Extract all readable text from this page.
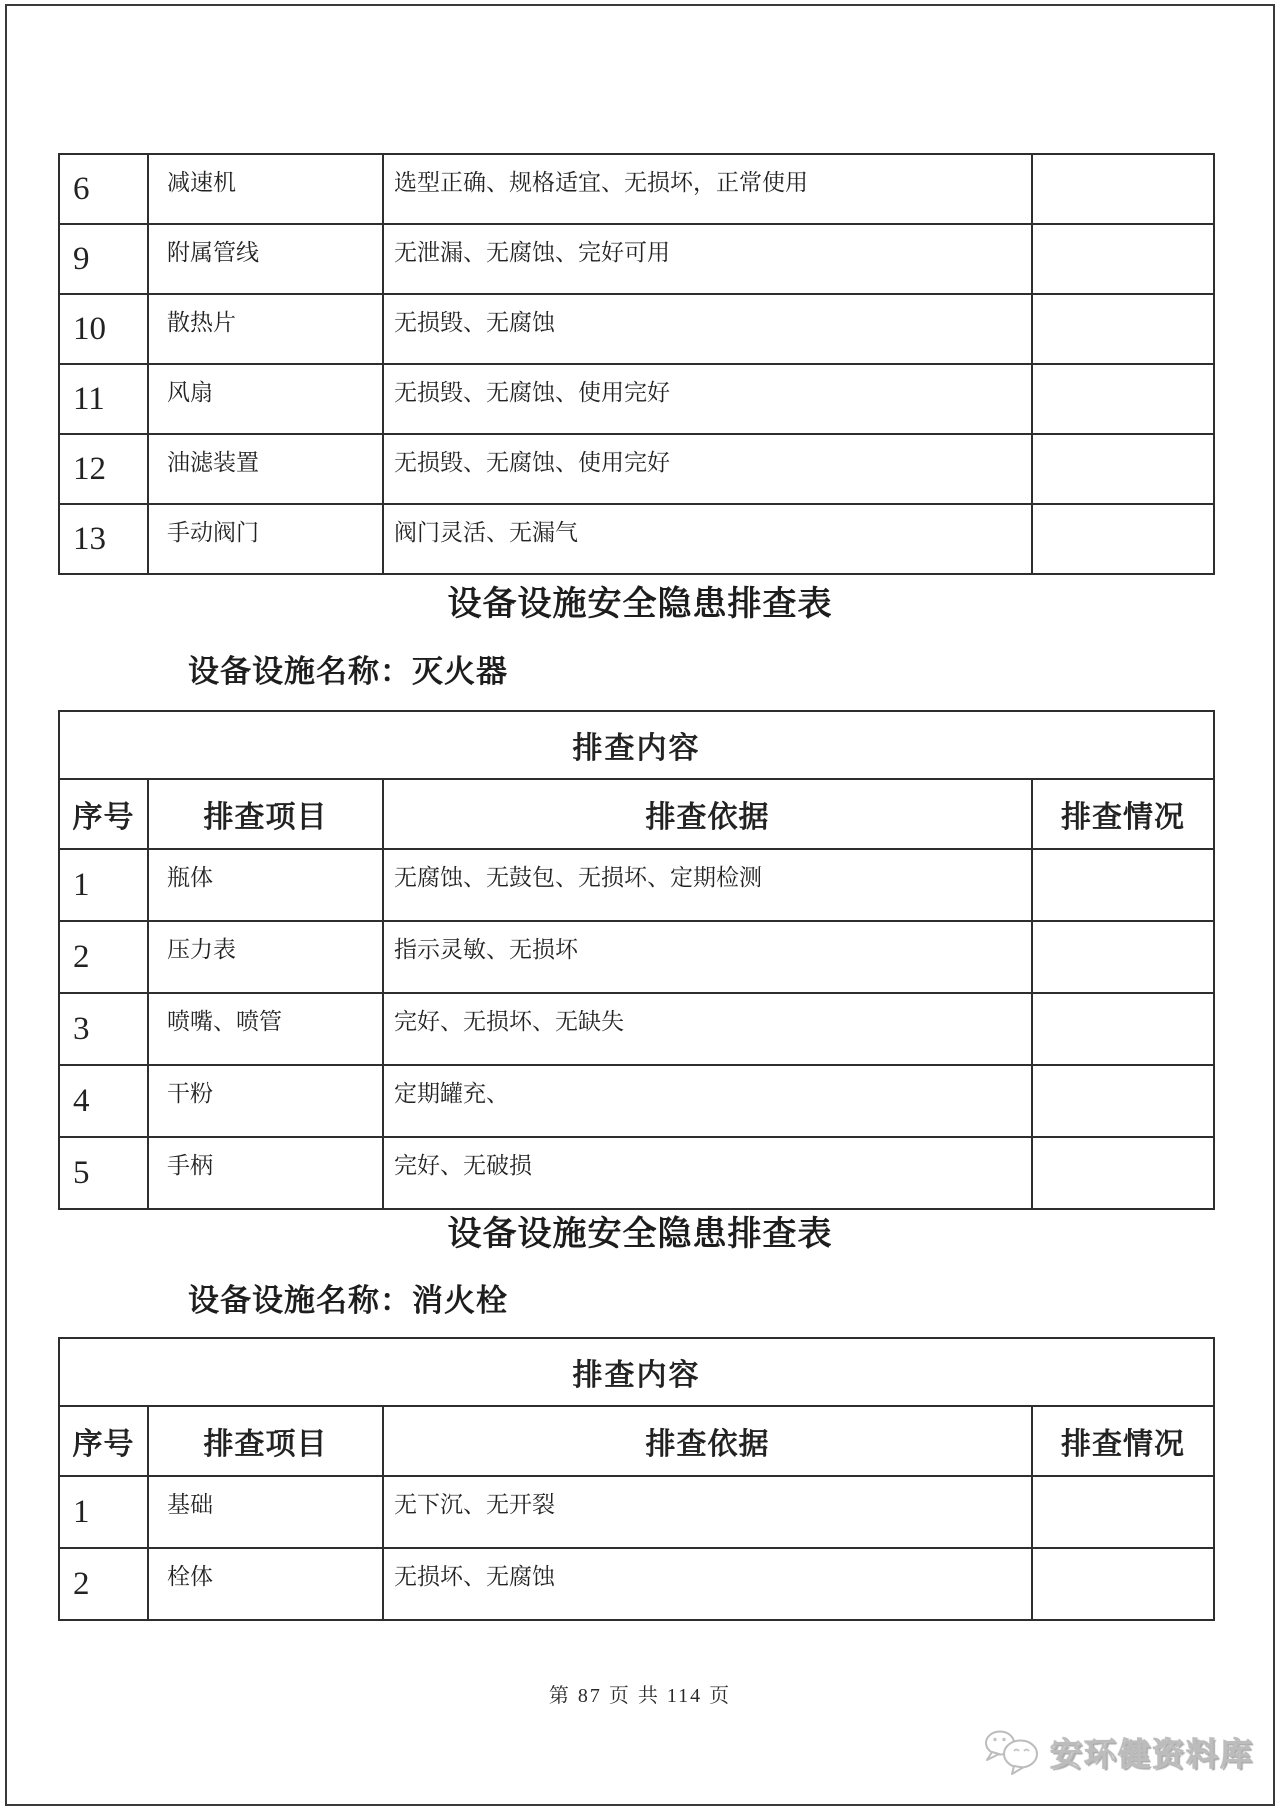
6	减速机	选型正确、规格适宜、无损坏，正常使用	
9	附属管线	无泄漏、无腐蚀、完好可用	
10	散热片	无损毁、无腐蚀	
11	风扇	无损毁、无腐蚀、使用完好	
12	油滤装置	无损毁、无腐蚀、使用完好	
13	手动阀门	阀门灵活、无漏气	
设备设施安全隐患排查表
设备设施名称：灭火器
排查内容			
序号	排查项目	排查依据	排查情况
1	瓶体	无腐蚀、无鼓包、无损坏、定期检测	
2	压力表	指示灵敏、无损坏	
3	喷嘴、喷管	完好、无损坏、无缺失	
4	干粉	定期罐充、	
5	手柄	完好、无破损	
设备设施安全隐患排查表
设备设施名称：消火栓
排查内容			
序号	排查项目	排查依据	排查情况
1	基础	无下沉、无开裂	
2	栓体	无损坏、无腐蚀	
第 87 页 共 114 页
安环健资料库
